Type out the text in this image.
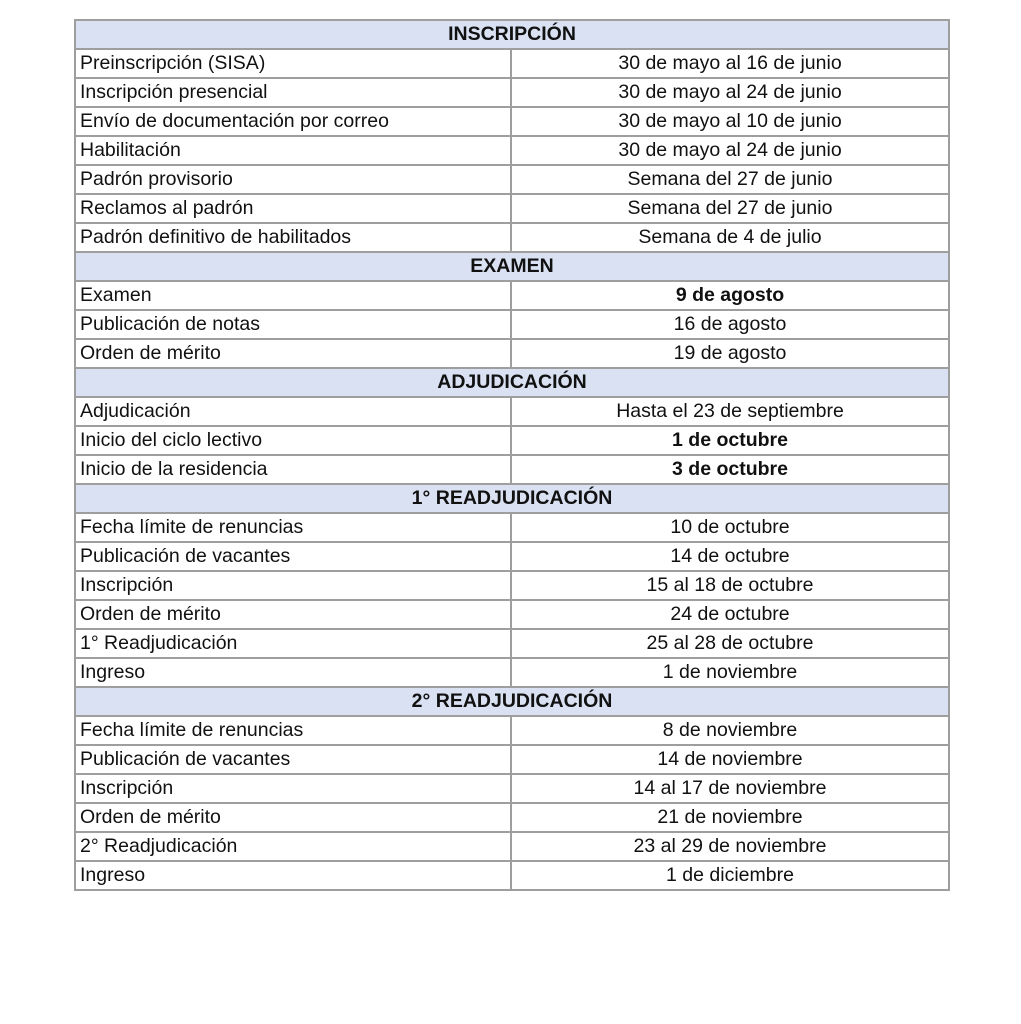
INSCRIPCIÓN	
Preinscripción (SISA)	30 de mayo al 16 de junio
Inscripción presencial	30 de mayo al 24 de junio
Envío de documentación por correo	30 de mayo al 10 de junio
Habilitación	30 de mayo al 24 de junio
Padrón provisorio	Semana del 27 de junio
Reclamos al padrón	Semana del 27 de junio
Padrón definitivo de habilitados	Semana de 4 de julio
EXAMEN	
Examen	9 de agosto
Publicación de notas	16 de agosto
Orden de mérito	19 de agosto
ADJUDICACIÓN	
Adjudicación	Hasta el 23 de septiembre
Inicio del ciclo lectivo	1 de octubre
Inicio de la residencia	3 de octubre
1° READJUDICACIÓN	
Fecha límite de renuncias	10 de octubre
Publicación de vacantes	14 de octubre
Inscripción	15 al 18 de octubre
Orden de mérito	24 de octubre
1° Readjudicación	25 al 28 de octubre
Ingreso	1 de noviembre
2° READJUDICACIÓN	
Fecha límite de renuncias	8 de noviembre
Publicación de vacantes	14 de noviembre
Inscripción	14 al 17 de noviembre
Orden de mérito	21 de noviembre
2° Readjudicación	23 al 29 de noviembre
Ingreso	1 de diciembre
